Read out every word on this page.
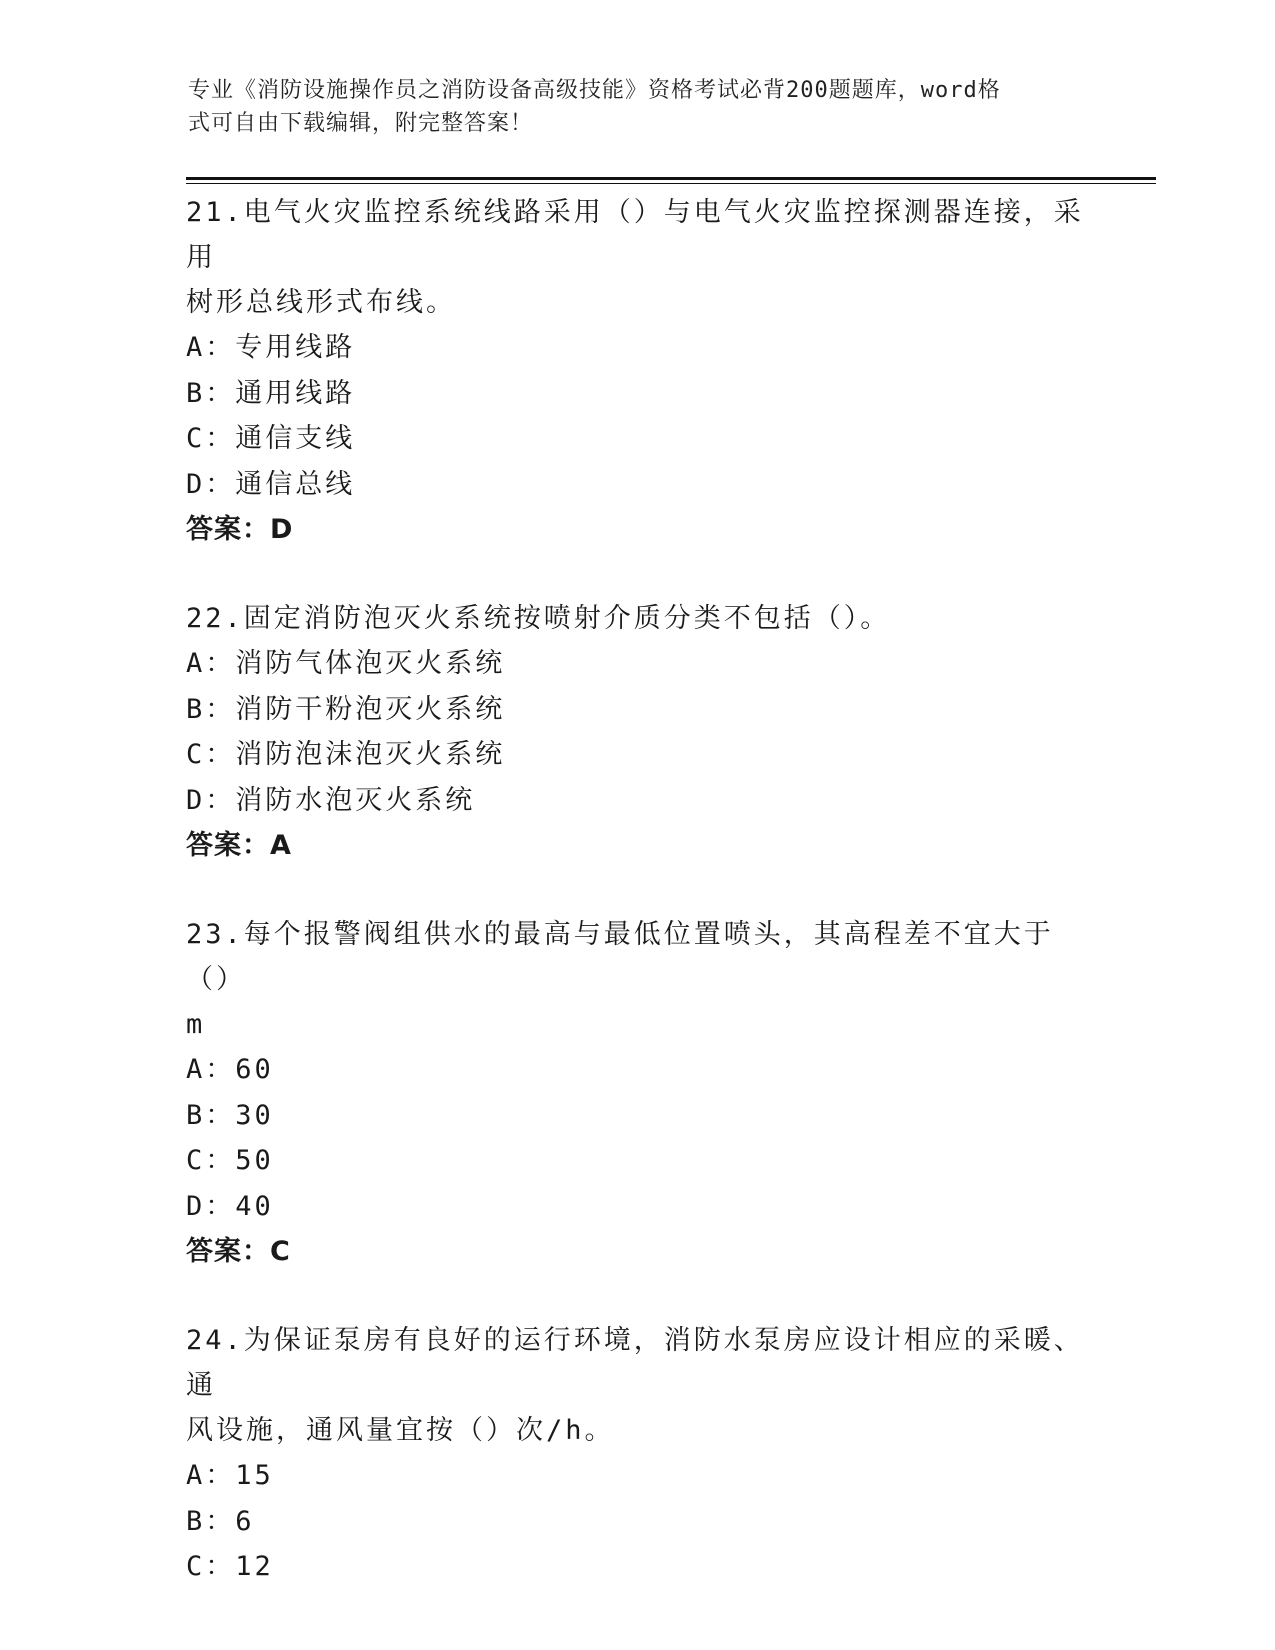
专业《消防设施操作员之消防设备高级技能》资格考试必背200题题库，word格
式可自由下载编辑，附完整答案！

21.电气火灾监控系统线路采用（）与电气火灾监控探测器连接，采用
树形总线形式布线。

A：专用线路
B：通用线路
C：通信支线
D：通信总线
答案：D

22.固定消防泡灭火系统按喷射介质分类不包括（）。

A：消防气体泡灭火系统
B：消防干粉泡灭火系统
C：消防泡沫泡灭火系统
D：消防水泡灭火系统
答案：A

23.每个报警阀组供水的最高与最低位置喷头，其高程差不宜大于（）
m

A：60
B：30
C：50
D：40
答案：C

24.为保证泵房有良好的运行环境，消防水泵房应设计相应的采暖、通
风设施，通风量宜按（）次/h。

A：15
B：6
C：12
